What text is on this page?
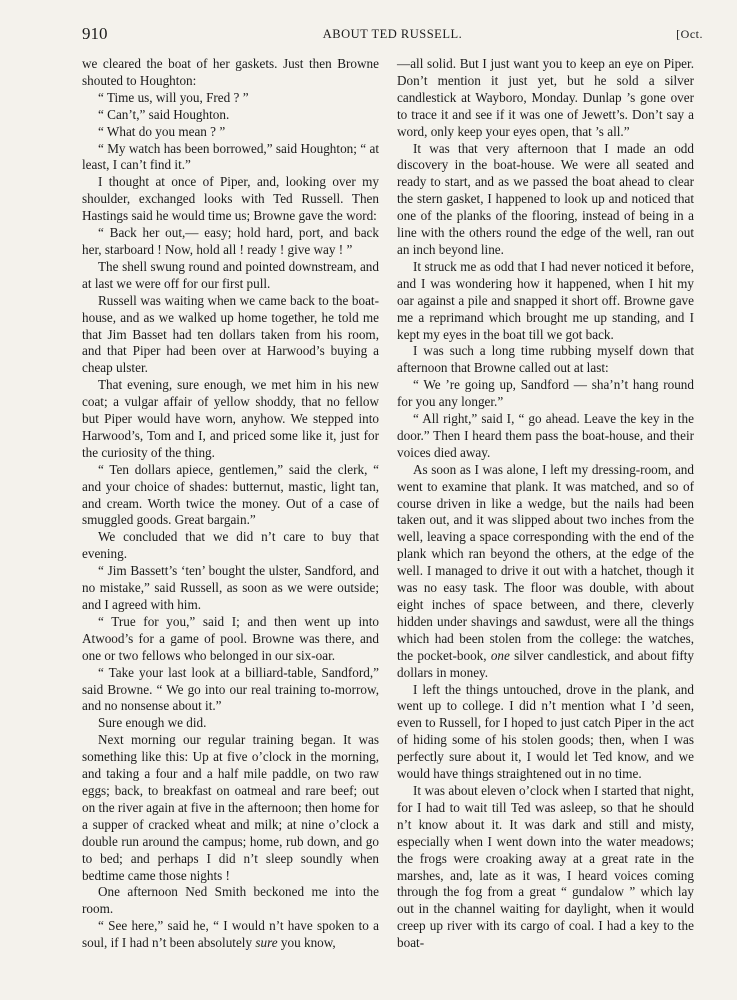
910	ABOUT TED RUSSELL.	[Oct.

we cleared the boat of her gaskets. Just then Browne shouted to Houghton:

“ Time us, will you, Fred ? ”

“ Can’t,” said Houghton.

“ What do you mean ? ”

“ My watch has been borrowed,” said Houghton; “ at least, I can’t find it.”

I thought at once of Piper, and, looking over my shoulder, exchanged looks with Ted Russell. Then Hastings said he would time us; Browne gave the word:

“ Back her out,— easy; hold hard, port, and back her, starboard ! Now, hold all ! ready ! give way ! ”

The shell swung round and pointed downstream, and at last we were off for our first pull.

Russell was waiting when we came back to the boat-house, and as we walked up home together, he told me that Jim Basset had ten dollars taken from his room, and that Piper had been over at Harwood’s buying a cheap ulster.

That evening, sure enough, we met him in his new coat; a vulgar affair of yellow shoddy, that no fellow but Piper would have worn, anyhow. We stepped into Harwood’s, Tom and I, and priced some like it, just for the curiosity of the thing.

“ Ten dollars apiece, gentlemen,” said the clerk, “ and your choice of shades: butternut, mastic, light tan, and cream. Worth twice the money. Out of a case of smuggled goods. Great bargain.”

We concluded that we did n’t care to buy that evening.

“ Jim Bassett’s ‘ten’ bought the ulster, Sandford, and no mistake,” said Russell, as soon as we were outside; and I agreed with him.

“ True for you,” said I; and then went up into Atwood’s for a game of pool. Browne was there, and one or two fellows who belonged in our six-oar.

“ Take your last look at a billiard-table, Sandford,” said Browne. “ We go into our real training to-morrow, and no nonsense about it.”

Sure enough we did.

Next morning our regular training began. It was something like this: Up at five o’clock in the morning, and taking a four and a half mile paddle, on two raw eggs; back, to breakfast on oatmeal and rare beef; out on the river again at five in the afternoon; then home for a supper of cracked wheat and milk; at nine o’clock a double run around the campus; home, rub down, and go to bed; and perhaps I did n’t sleep soundly when bedtime came those nights !

One afternoon Ned Smith beckoned me into the room.

“ See here,” said he, “ I would n’t have spoken to a soul, if I had n’t been absolutely sure you know,

—all solid. But I just want you to keep an eye on Piper. Don’t mention it just yet, but he sold a silver candlestick at Wayboro, Monday. Dunlap ’s gone over to trace it and see if it was one of Jewett’s. Don’t say a word, only keep your eyes open, that ’s all.”

It was that very afternoon that I made an odd discovery in the boat-house. We were all seated and ready to start, and as we passed the boat ahead to clear the stern gasket, I happened to look up and noticed that one of the planks of the flooring, instead of being in a line with the others round the edge of the well, ran out an inch beyond line.

It struck me as odd that I had never noticed it before, and I was wondering how it happened, when I hit my oar against a pile and snapped it short off. Browne gave me a reprimand which brought me up standing, and I kept my eyes in the boat till we got back.

I was such a long time rubbing myself down that afternoon that Browne called out at last:

“ We ’re going up, Sandford — sha’n’t hang round for you any longer.”

“ All right,” said I, “ go ahead. Leave the key in the door.” Then I heard them pass the boat-house, and their voices died away.

As soon as I was alone, I left my dressing-room, and went to examine that plank. It was matched, and so of course driven in like a wedge, but the nails had been taken out, and it was slipped about two inches from the well, leaving a space corresponding with the end of the plank which ran beyond the others, at the edge of the well. I managed to drive it out with a hatchet, though it was no easy task. The floor was double, with about eight inches of space between, and there, cleverly hidden under shavings and sawdust, were all the things which had been stolen from the college: the watches, the pocket-book, one silver candlestick, and about fifty dollars in money.

I left the things untouched, drove in the plank, and went up to college. I did n’t mention what I ’d seen, even to Russell, for I hoped to just catch Piper in the act of hiding some of his stolen goods; then, when I was perfectly sure about it, I would let Ted know, and we would have things straightened out in no time.

It was about eleven o’clock when I started that night, for I had to wait till Ted was asleep, so that he should n’t know about it. It was dark and still and misty, especially when I went down into the water meadows; the frogs were croaking away at a great rate in the marshes, and, late as it was, I heard voices coming through the fog from a great “ gundalow ” which lay out in the channel waiting for daylight, when it would creep up river with its cargo of coal. I had a key to the boat-
